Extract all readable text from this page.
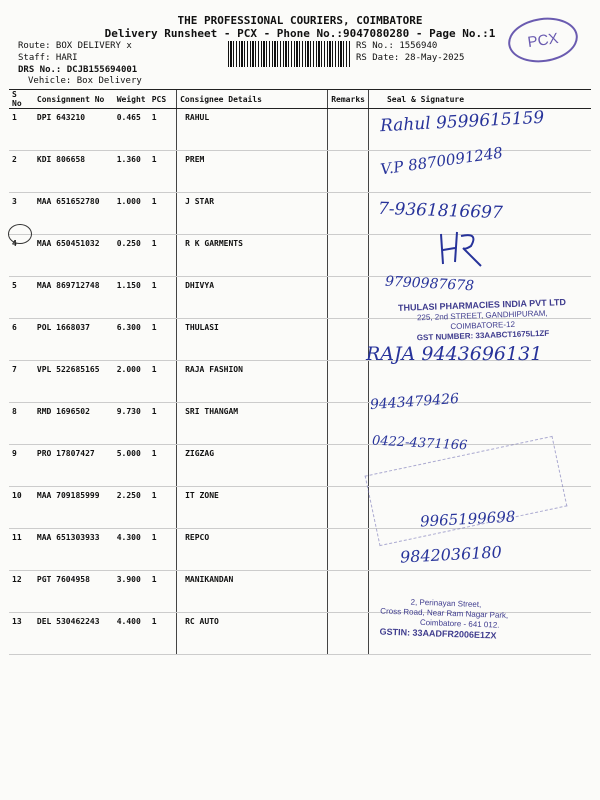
THE PROFESSIONAL COURIERS, COIMBATORE
Delivery Runsheet - PCX - Phone No.:9047080280 - Page No.:1
Route: BOX DELIVERY x
Staff: HARI
DRS No.: DCJB155694001
Vehicle: Box Delivery
RS No.: 1556940
RS Date: 28-May-2025
PCX
S No	Consignment No	Weight	PCS	Consignee Details	Remarks	Seal & Signature
1	DPI 643210	0.465	1	RAHUL		
2	KDI 806658	1.360	1	PREM		
3	MAA 651652780	1.000	1	J STAR		
4	MAA 650451032	0.250	1	R K GARMENTS		
5	MAA 869712748	1.150	1	DHIVYA		
6	POL 1668037	6.300	1	THULASI		
7	VPL 522685165	2.000	1	RAJA FASHION		
8	RMD 1696502	9.730	1	SRI THANGAM		
9	PRO 17807427	5.000	1	ZIGZAG		
10	MAA 709185999	2.250	1	IT ZONE		
11	MAA 651303933	4.300	1	REPCO		
12	PGT 7604958	3.900	1	MANIKANDAN		
13	DEL 530462243	4.400	1	RC AUTO		
Rahul 9599615159
V.P 8870091248
7-9361816697
9790987678
RAJA 9443696131
9443479426
0422-4371166
9965199698
9842036180
THULASI PHARMACIES INDIA PVT LTD
225, 2nd STREET, GANDHIPURAM,
COIMBATORE-12
GST NUMBER: 33AABCT1675L1ZF
2, Perinayan Street,
Cross Road, Near Ram Nagar Park,
Coimbatore - 641 012.
GSTIN: 33AADFR2006E1ZX
